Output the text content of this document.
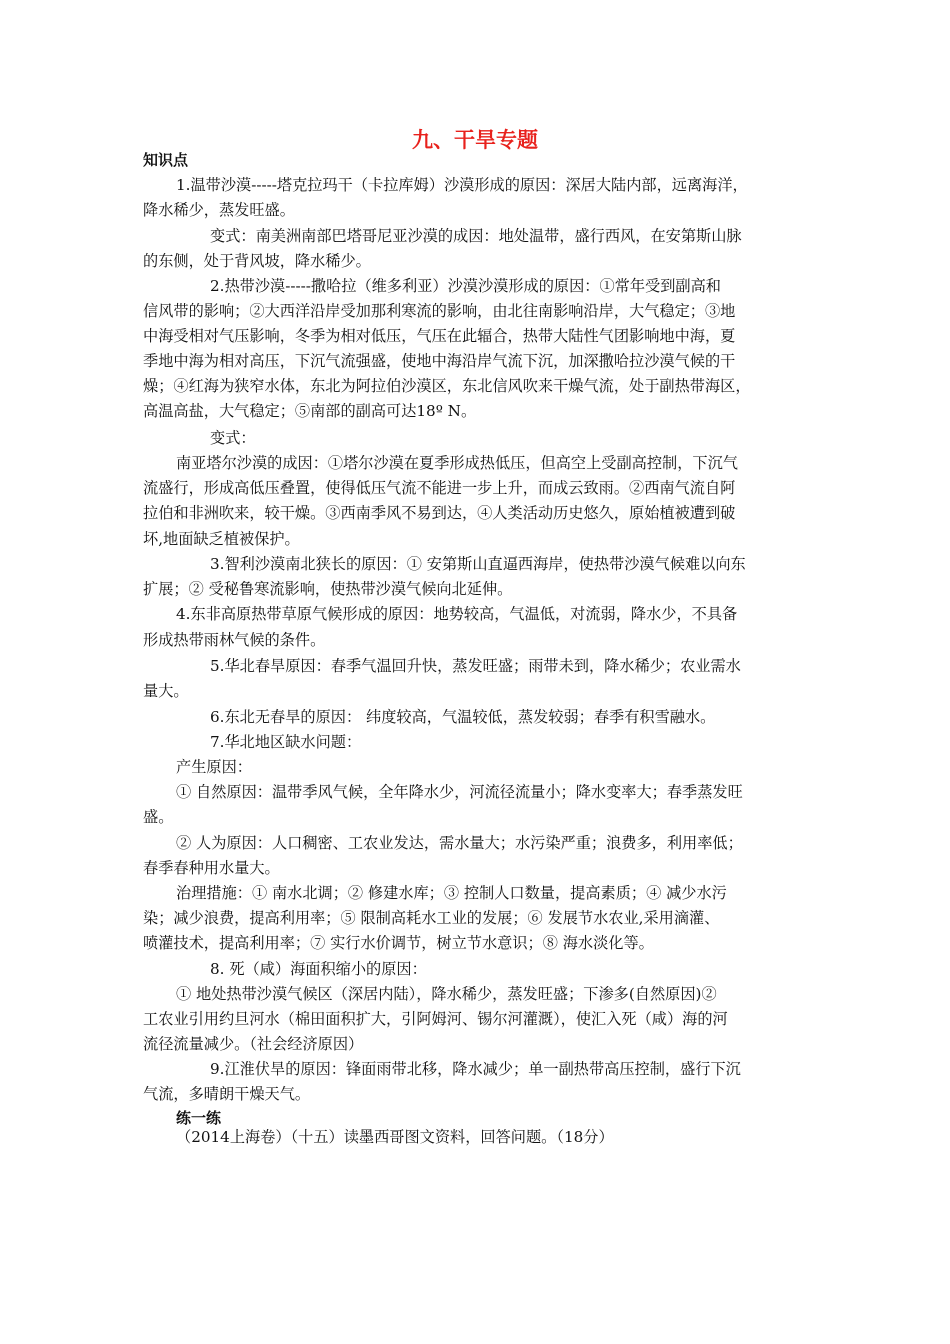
九、干旱专题
知识点
1.温带沙漠-----塔克拉玛干（卡拉库姆）沙漠形成的原因：深居大陆内部，远离海洋，
降水稀少，蒸发旺盛。
变式：南美洲南部巴塔哥尼亚沙漠的成因：地处温带，盛行西风，在安第斯山脉
的东侧，处于背风坡，降水稀少。
2.热带沙漠-----撒哈拉（维多利亚）沙漠沙漠形成的原因：①常年受到副高和
信风带的影响；②大西洋沿岸受加那利寒流的影响，由北往南影响沿岸，大气稳定；③地
中海受相对气压影响，冬季为相对低压，气压在此辐合，热带大陆性气团影响地中海，夏
季地中海为相对高压，下沉气流强盛，使地中海沿岸气流下沉，加深撒哈拉沙漠气候的干
燥；④红海为狭窄水体，东北为阿拉伯沙漠区，东北信风吹来干燥气流，处于副热带海区，
高温高盐，大气稳定；⑤南部的副高可达18º N。
变式：
南亚塔尔沙漠的成因：①塔尔沙漠在夏季形成热低压，但高空上受副高控制，下沉气
流盛行，形成高低压叠置，使得低压气流不能进一步上升，而成云致雨。②西南气流自阿
拉伯和非洲吹来，较干燥。③西南季风不易到达，④人类活动历史悠久，原始植被遭到破
坏,地面缺乏植被保护。
3.智利沙漠南北狭长的原因：① 安第斯山直逼西海岸，使热带沙漠气候难以向东
扩展；② 受秘鲁寒流影响，使热带沙漠气候向北延伸。
4.东非高原热带草原气候形成的原因：地势较高，气温低，对流弱，降水少，不具备
形成热带雨林气候的条件。
5.华北春旱原因：春季气温回升快，蒸发旺盛；雨带未到，降水稀少；农业需水
量大。
6.东北无春旱的原因： 纬度较高，气温较低，蒸发较弱；春季有积雪融水。
7.华北地区缺水问题：
产生原因：
① 自然原因：温带季风气候，全年降水少，河流径流量小；降水变率大；春季蒸发旺
盛。
② 人为原因：人口稠密、工农业发达，需水量大；水污染严重；浪费多，利用率低；
春季春种用水量大。
治理措施：① 南水北调；② 修建水库；③ 控制人口数量，提高素质；④ 减少水污
染；减少浪费，提高利用率；⑤ 限制高耗水工业的发展；⑥ 发展节水农业,采用滴灌、
喷灌技术，提高利用率；⑦ 实行水价调节，树立节水意识；⑧ 海水淡化等。
8. 死（咸）海面积缩小的原因：
① 地处热带沙漠气候区（深居内陆），降水稀少，蒸发旺盛；下渗多(自然原因)②
工农业引用约旦河水（棉田面积扩大，引阿姆河、锡尔河灌溉），使汇入死（咸）海的河
流径流量减少。（社会经济原因）
9.江淮伏旱的原因：锋面雨带北移，降水减少；单一副热带高压控制，盛行下沉
气流，多晴朗干燥天气。
练一练
（2014上海卷）（十五）读墨西哥图文资料，回答问题。（18分）
